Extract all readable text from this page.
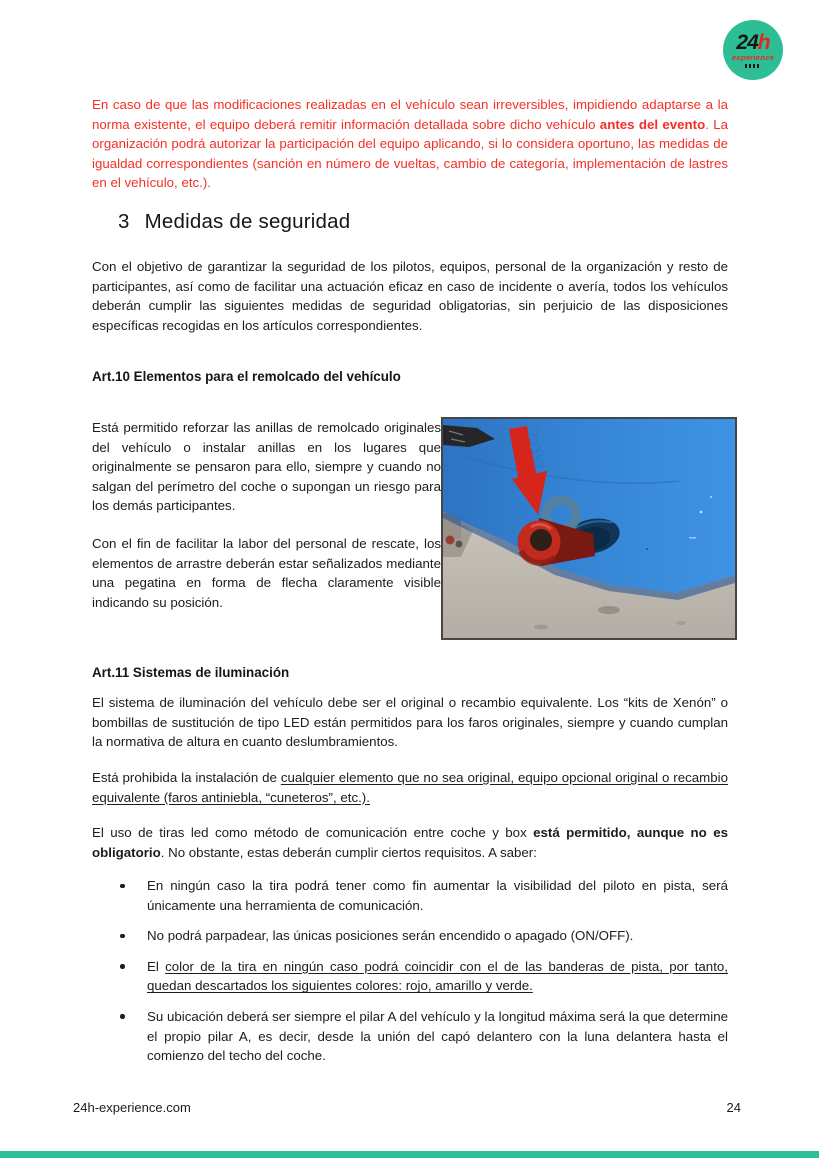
24 h
experience

En caso de que las modificaciones realizadas en el vehículo sean irreversibles, impidiendo adaptarse a la norma existente, el equipo deberá remitir información detallada sobre dicho vehículo antes del evento. La organización podrá autorizar la participación del equipo aplicando, si lo considera oportuno, las medidas de igualdad correspondientes (sanción en número de vueltas, cambio de categoría, implementación de lastres en el vehículo, etc.).

3 Medidas de seguridad

Con el objetivo de garantizar la seguridad de los pilotos, equipos, personal de la organización y resto de participantes, así como de facilitar una actuación eficaz en caso de incidente o avería, todos los vehículos deberán cumplir las siguientes medidas de seguridad obligatorias, sin perjuicio de las disposiciones específicas recogidas en los artículos correspondientes.

Art.10 Elementos para el remolcado del vehículo

Está permitido reforzar las anillas de remolcado originales del vehículo o instalar anillas en los lugares que originalmente se pensaron para ello, siempre y cuando no salgan del perímetro del coche o supongan un riesgo para los demás participantes.

Con el fin de facilitar la labor del personal de rescate, los elementos de arrastre deberán estar señalizados mediante una pegatina en forma de flecha claramente visible indicando su posición.

TOW
Art.11 Sistemas de iluminación

El sistema de iluminación del vehículo debe ser el original o recambio equivalente. Los “kits de Xenón” o bombillas de sustitución de tipo LED están permitidos para los faros originales, siempre y cuando cumplan la normativa de altura en cuanto deslumbramientos.

Está prohibida la instalación de cualquier elemento que no sea original, equipo opcional original o recambio equivalente (faros antiniebla, “cuneteros”, etc.).

El uso de tiras led como método de comunicación entre coche y box está permitido, aunque no es obligatorio. No obstante, estas deberán cumplir ciertos requisitos. A saber:

En ningún caso la tira podrá tener como fin aumentar la visibilidad del piloto en pista, será únicamente una herramienta de comunicación.
No podrá parpadear, las únicas posiciones serán encendido o apagado (ON/OFF).
El color de la tira en ningún caso podrá coincidir con el de las banderas de pista, por tanto, quedan descartados los siguientes colores: rojo, amarillo y verde.
Su ubicación deberá ser siempre el pilar A del vehículo y la longitud máxima será la que determine el propio pilar A, es decir, desde la unión del capó delantero con la luna delantera hasta el comienzo del techo del coche.
24h-experience.com	24
